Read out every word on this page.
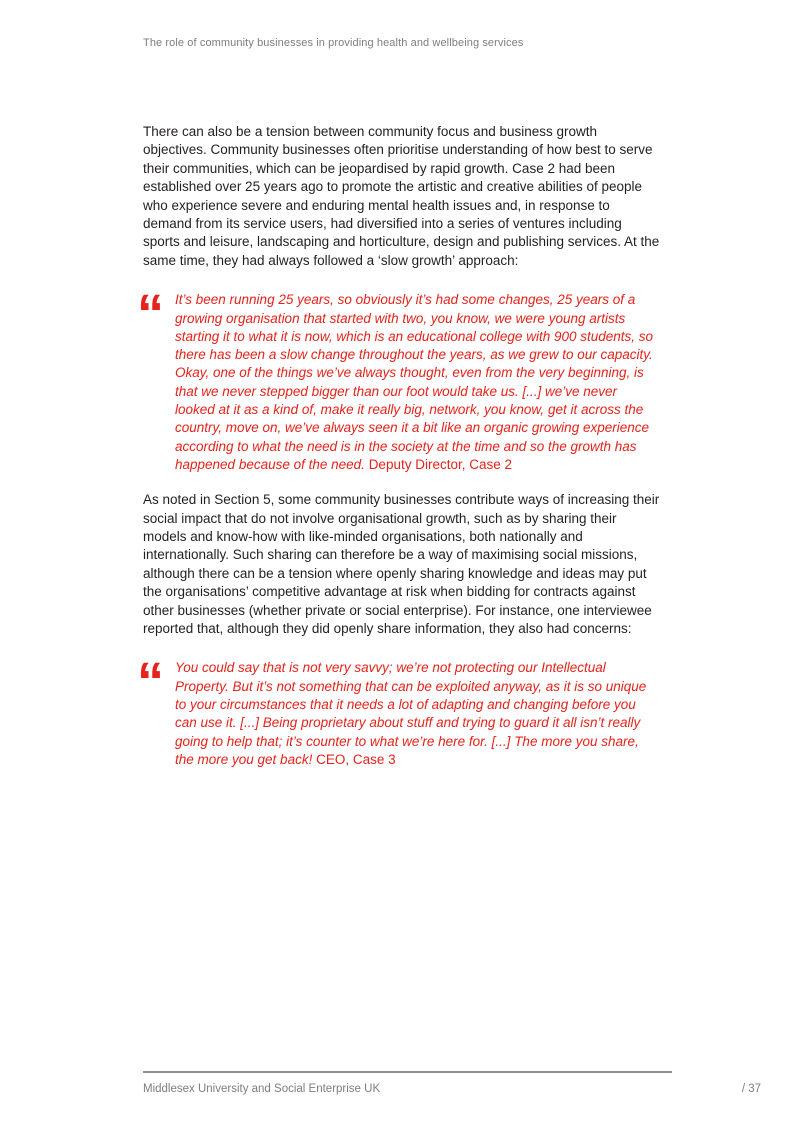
The role of community businesses in providing health and wellbeing services

There can also be a tension between community focus and business growth objectives. Community businesses often prioritise understanding of how best to serve their communities, which can be jeopardised by rapid growth. Case 2 had been established over 25 years ago to promote the artistic and creative abilities of people who experience severe and enduring mental health issues and, in response to demand from its service users, had diversified into a series of ventures including sports and leisure, landscaping and horticulture, design and publishing services. At the same time, they had always followed a ‘slow growth’ approach:

“ It’s been running 25 years, so obviously it’s had some changes, 25 years of a growing organisation that started with two, you know, we were young artists starting it to what it is now, which is an educational college with 900 students, so there has been a slow change throughout the years, as we grew to our capacity. Okay, one of the things we’ve always thought, even from the very beginning, is that we never stepped bigger than our foot would take us. [...] we’ve never looked at it as a kind of, make it really big, network, you know, get it across the country, move on, we’ve always seen it a bit like an organic growing experience according to what the need is in the society at the time and so the growth has happened because of the need. Deputy Director, Case 2

As noted in Section 5, some community businesses contribute ways of increasing their social impact that do not involve organisational growth, such as by sharing their models and know-how with like-minded organisations, both nationally and internationally. Such sharing can therefore be a way of maximising social missions, although there can be a tension where openly sharing knowledge and ideas may put the organisations’ competitive advantage at risk when bidding for contracts against other businesses (whether private or social enterprise). For instance, one interviewee reported that, although they did openly share information, they also had concerns:

“ You could say that is not very savvy; we’re not protecting our Intellectual Property. But it’s not something that can be exploited anyway, as it is so unique to your circumstances that it needs a lot of adapting and changing before you can use it. [...] Being proprietary about stuff and trying to guard it all isn’t really going to help that; it’s counter to what we’re here for. [...] The more you share, the more you get back! CEO, Case 3

Middlesex University and Social Enterprise UK	/ 37
